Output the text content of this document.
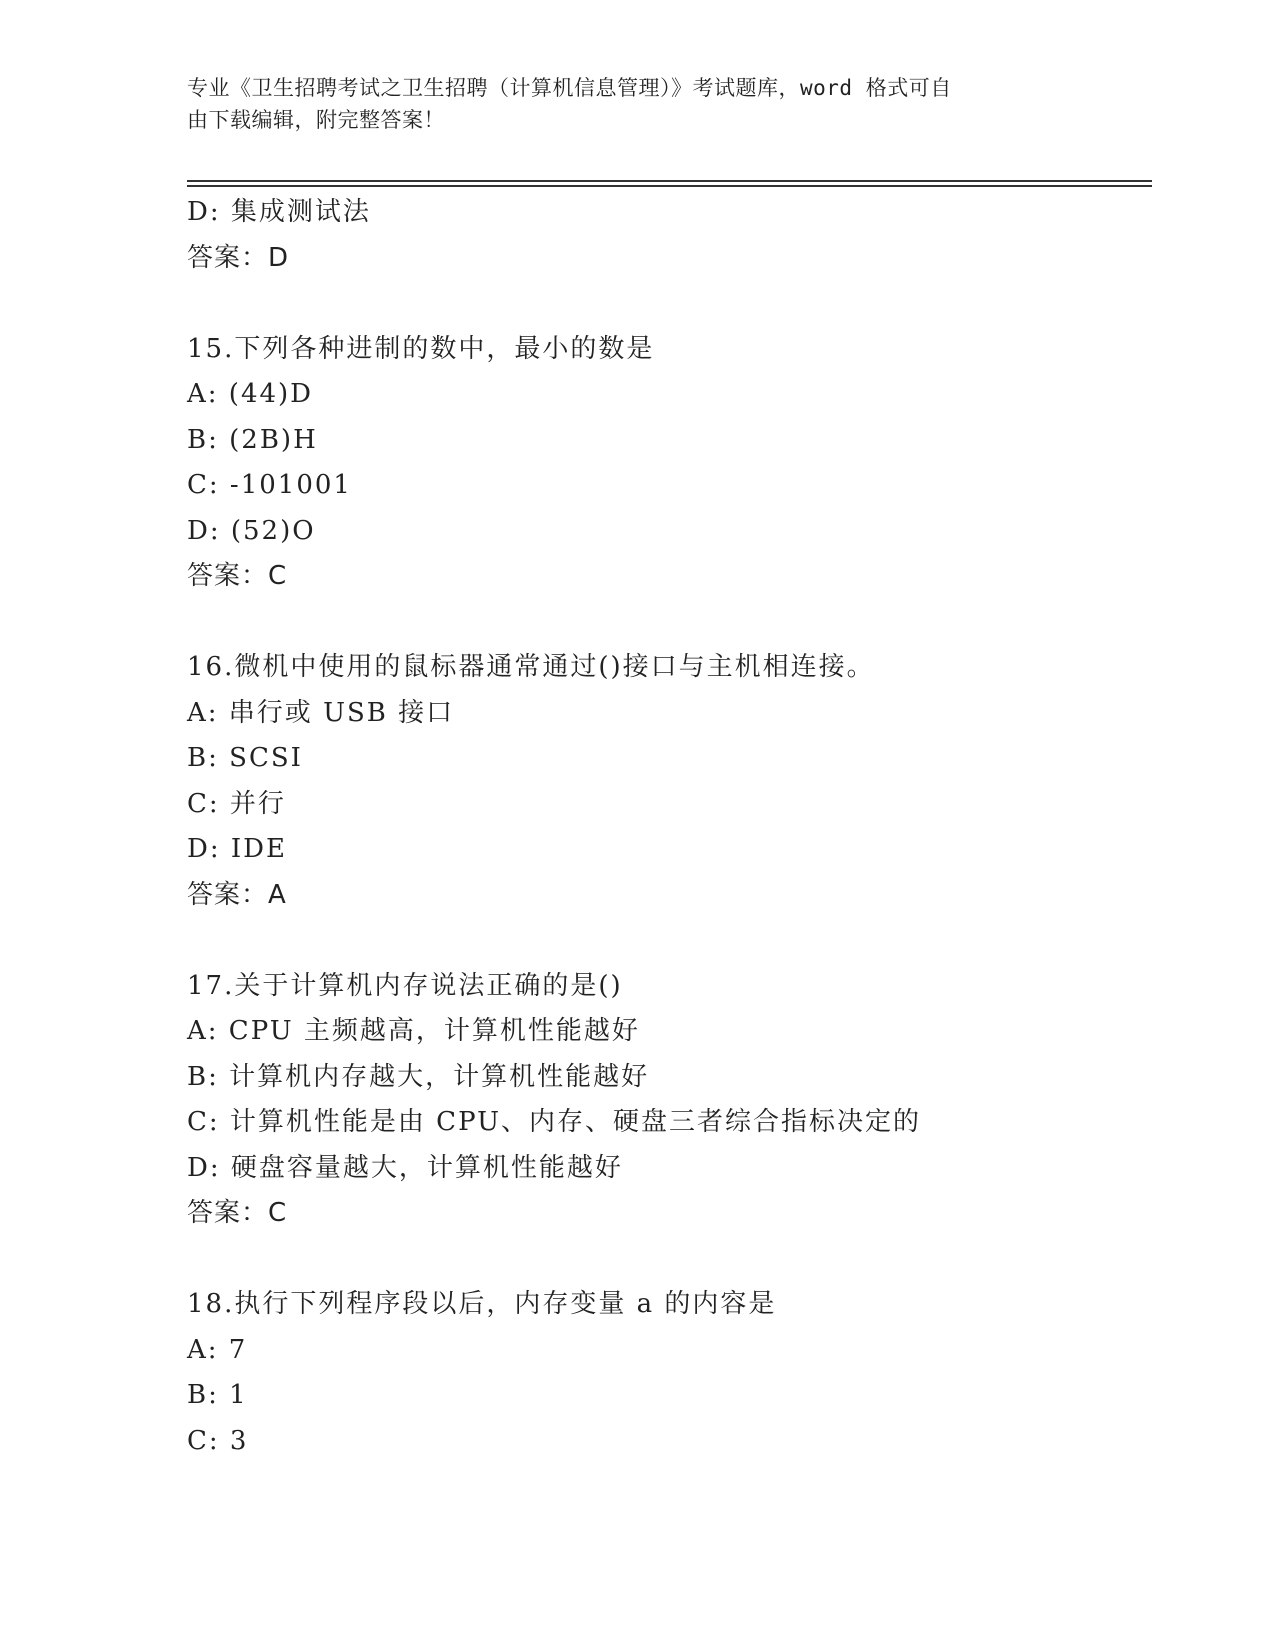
专业《卫生招聘考试之卫生招聘（计算机信息管理）》考试题库，word 格式可自
由下载编辑，附完整答案！
D: 集成测试法
答案：D
15.下列各种进制的数中，最小的数是
A: (44)D
B: (2B)H
C: -101001
D: (52)O
答案：C
16.微机中使用的鼠标器通常通过()接口与主机相连接。
A: 串行或 USB 接口
B: SCSI
C: 并行
D: IDE
答案：A
17.关于计算机内存说法正确的是()
A: CPU 主频越高，计算机性能越好
B: 计算机内存越大，计算机性能越好
C: 计算机性能是由 CPU、内存、硬盘三者综合指标决定的
D: 硬盘容量越大，计算机性能越好
答案：C
18.执行下列程序段以后，内存变量 a 的内容是
A: 7
B: 1
C: 3
